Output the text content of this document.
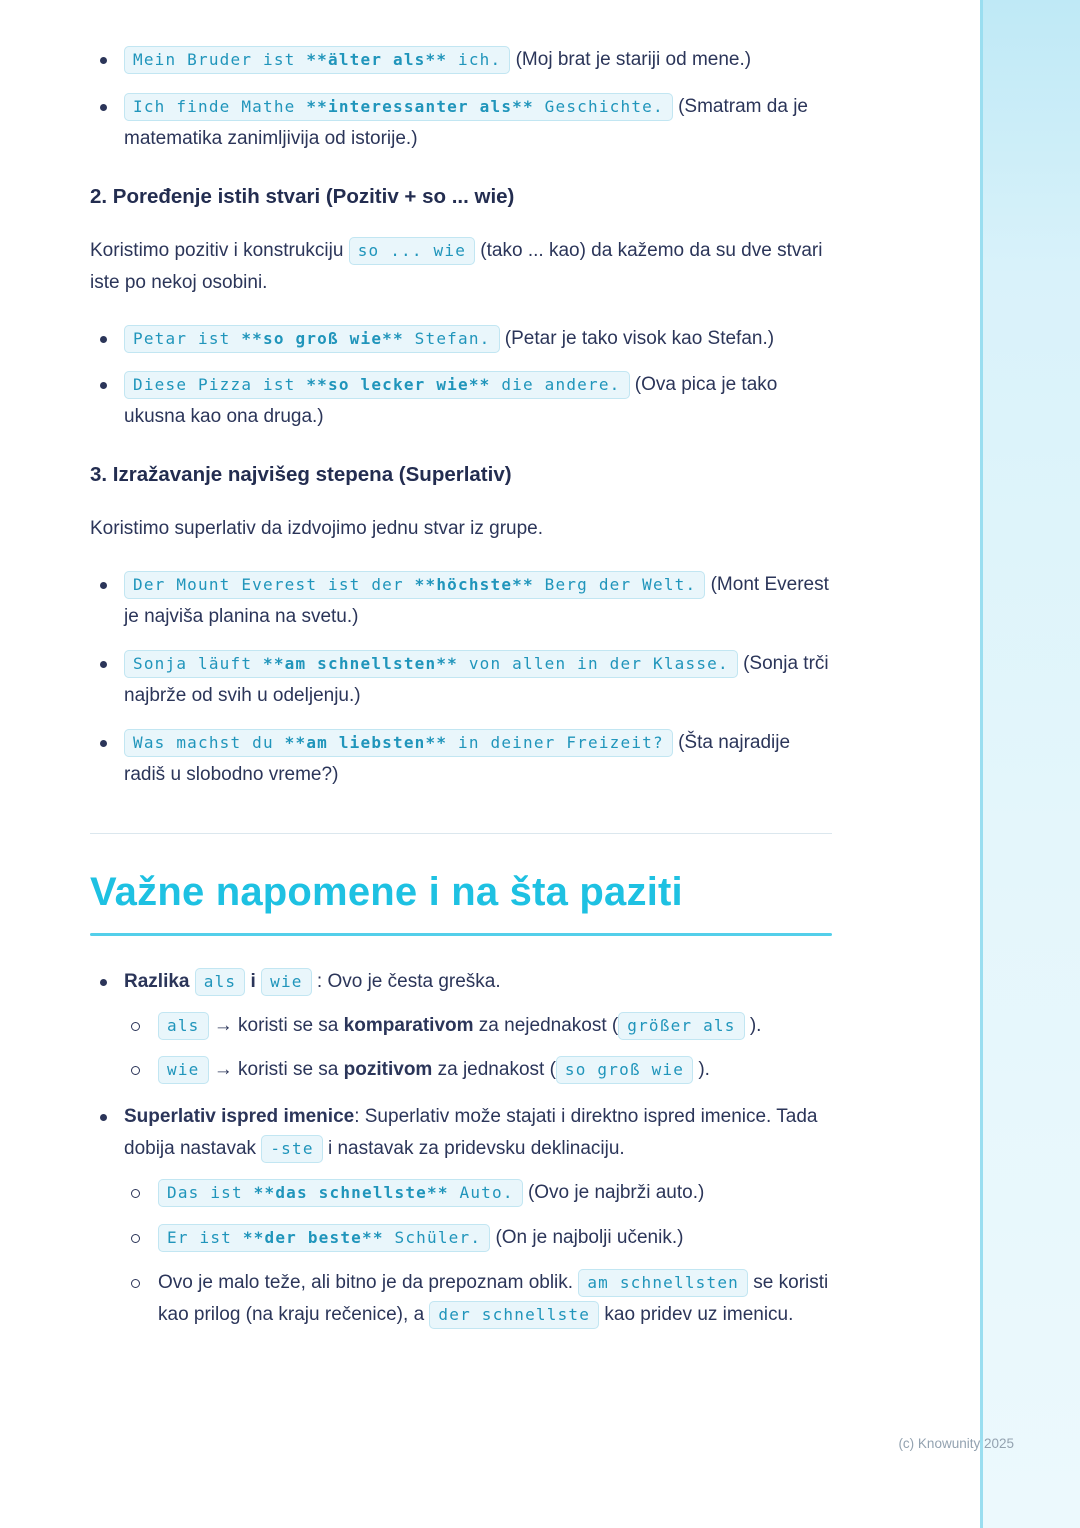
Mein Bruder ist **älter als** ich. (Moj brat je stariji od mene.)
Ich finde Mathe **interessanter als** Geschichte. (Smatram da je matematika zanimljivija od istorije.)
2. Poređenje istih stvari (Pozitiv + so ... wie)

Koristimo pozitiv i konstrukciju so ... wie (tako ... kao) da kažemo da su dve stvari iste po nekoj osobini.

Petar ist **so groß wie** Stefan. (Petar je tako visok kao Stefan.)
Diese Pizza ist **so lecker wie** die andere. (Ova pica je tako ukusna kao ona druga.)
3. Izražavanje najvišeg stepena (Superlativ)

Koristimo superlativ da izdvojimo jednu stvar iz grupe.

Der Mount Everest ist der **höchste** Berg der Welt. (Mont Everest je najviša planina na svetu.)
Sonja läuft **am schnellsten** von allen in der Klasse. (Sonja trči najbrže od svih u odeljenju.)
Was machst du **am liebsten** in deiner Freizeit? (Šta najradije radiš u slobodno vreme?)
Važne napomene i na šta paziti
Razlika als i wie : Ovo je česta greška.
als → koristi se sa komparativom za nejednakost ( größer als ).
wie → koristi se sa pozitivom za jednakost ( so groß wie ).
Superlativ ispred imenice: Superlativ može stajati i direktno ispred imenice. Tada dobija nastavak -ste i nastavak za pridevsku deklinaciju.
Das ist **das schnellste** Auto. (Ovo je najbrži auto.)
Er ist **der beste** Schüler. (On je najbolji učenik.)
Ovo je malo teže, ali bitno je da prepoznam oblik. am schnellsten se koristi kao prilog (na kraju rečenice), a der schnellste kao pridev uz imenicu.
(c) Knowunity 2025
